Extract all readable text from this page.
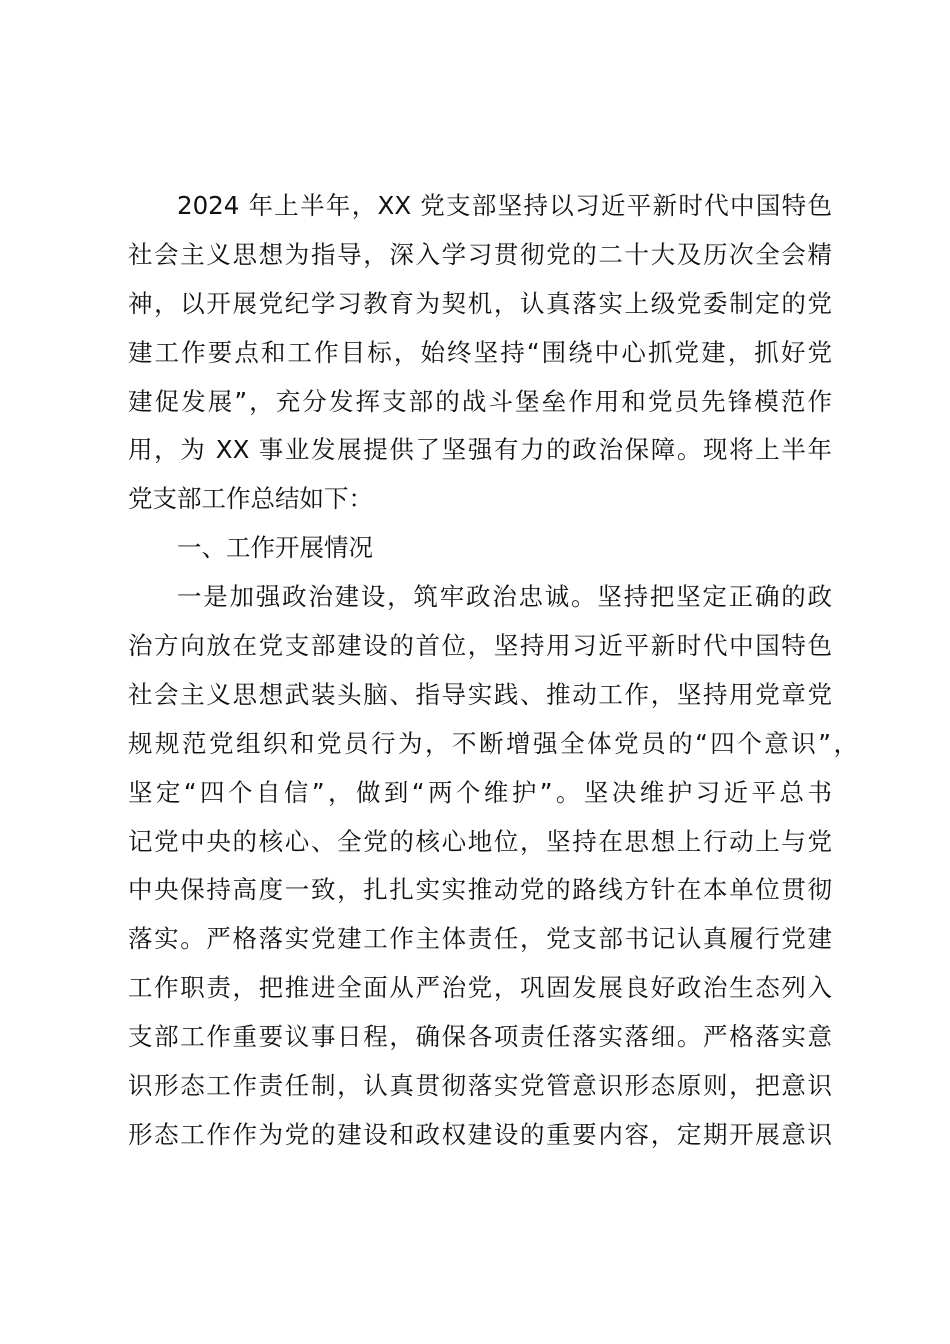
2024 年上半年，XX 党支部坚持以习近平新时代中国特色
社会主义思想为指导，深入学习贯彻党的二十大及历次全会精
神，以开展党纪学习教育为契机，认真落实上级党委制定的党
建工作要点和工作目标，始终坚持“围绕中心抓党建，抓好党
建促发展”，充分发挥支部的战斗堡垒作用和党员先锋模范作
用，为 XX 事业发展提供了坚强有力的政治保障。现将上半年
党支部工作总结如下：
一、工作开展情况
一是加强政治建设，筑牢政治忠诚。坚持把坚定正确的政
治方向放在党支部建设的首位，坚持用习近平新时代中国特色
社会主义思想武装头脑、指导实践、推动工作，坚持用党章党
规规范党组织和党员行为，不断增强全体党员的“四个意识”，
坚定“四个自信”，做到“两个维护”。坚决维护习近平总书
记党中央的核心、全党的核心地位，坚持在思想上行动上与党
中央保持高度一致，扎扎实实推动党的路线方针在本单位贯彻
落实。严格落实党建工作主体责任，党支部书记认真履行党建
工作职责，把推进全面从严治党，巩固发展良好政治生态列入
支部工作重要议事日程，确保各项责任落实落细。严格落实意
识形态工作责任制，认真贯彻落实党管意识形态原则，把意识
形态工作作为党的建设和政权建设的重要内容，定期开展意识
